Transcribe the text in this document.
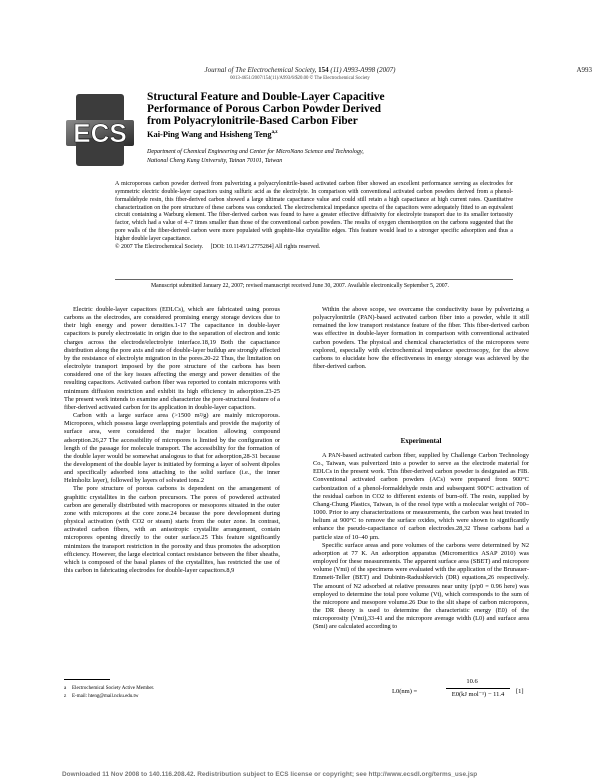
Journal of The Electrochemical Society, 154 (11) A993-A998 (2007)	A993
0013-4651/2007/154(11)/A993/6/$20.00 © The Electrochemical Society
ECS
Structural Feature and Double-Layer Capacitive
Performance of Porous Carbon Powder Derived
from Polyacrylonitrile-Based Carbon Fiber
Kai-Ping Wang and Hsisheng Teng$^{a,z}$
Department of Chemical Engineering and Center for MicroNano Science and Technology,
National Cheng Kung University, Tainan 70101, Taiwan
A microporous carbon powder derived from pulverizing a polyacrylonitrile-based activated carbon fiber showed an excellent performance serving as electrodes for symmetric electric double-layer capacitors using sulfuric acid as the electrolyte. In comparison with conventional activated carbon powders derived from a phenol-formaldehyde resin, this fiber-derived carbon showed a large ultimate capacitance value and could still retain a high capacitance at high current rates. Quantitative characterization on the pore structure of these carbons was conducted. The electrochemical impedance spectra of the capacitors were adequately fitted to an equivalent circuit containing a Warburg element. The fiber-derived carbon was found to have a greater effective diffusivity for electrolyte transport due to its smaller tortuosity factor, which had a value of 4–7 times smaller than those of the conventional carbon powders. The results of oxygen chemisorption on the carbons suggested that the pore walls of the fiber-derived carbon were more populated with graphite-like crystallite edges. This feature would lead to a stronger specific adsorption and thus a higher double layer capacitance.
© 2007 The Electrochemical Society. [DOI: 10.1149/1.2775284] All rights reserved.
Manuscript submitted January 22, 2007; revised manuscript received June 30, 2007. Available electronically September 5, 2007.

Electric double-layer capacitors (EDLCs), which are fabricated using porous carbons as the electrodes, are considered promising energy storage devices due to their high energy and power densities.1-17 The capacitance in double-layer capacitors is purely electrostatic in origin due to the separation of electron and ionic charges across the electrode/electrolyte interface.18,19 Both the capacitance distribution along the pore axis and rate of double-layer buildup are strongly affected by the resistance of electrolyte migration in the pores.20-22 Thus, the limitation on electrolyte transport imposed by the pore structure of the carbons has been considered one of the key issues affecting the energy and power densities of the resulting capacitors. Activated carbon fiber was reported to contain micropores with minimum diffusion restriction and exhibit its high efficiency in adsorption.23-25 The present work intends to examine and characterize the pore-structural feature of a fiber-derived activated carbon for its application in double-layer capacitors.

Carbon with a large surface area (>1500 m²/g) are mainly microporous. Micropores, which possess large overlapping potentials and provide the majority of surface area, were considered the major location allowing compound adsorption.26,27 The accessibility of micropores is limited by the configuration or length of the passage for molecule transport. The accessibility for the formation of the double layer would be somewhat analogous to that for adsorption,28-31 because the development of the double layer is initiated by forming a layer of solvent dipoles and specifically adsorbed ions attaching to the solid surface (i.e., the inner Helmholtz layer), followed by layers of solvated ions.2

The pore structure of porous carbons is dependent on the arrangement of graphitic crystallites in the carbon precursors. The pores of powdered activated carbon are generally distributed with macropores or mesopores situated in the outer zone with micropores at the core zone.24 because the pore development during physical activation (with CO2 or steam) starts from the outer zone. In contrast, activated carbon fibers, with an anisotropic crystallite arrangement, contain micropores opening directly to the outer surface.25 This feature significantly minimizes the transport restriction in the porosity and thus promotes the adsorption efficiency. However, the large electrical contact resistance between the fiber sheaths, which is composed of the basal planes of the crystallites, has restricted the use of this carbon in fabricating electrodes for double-layer capacitors.8,9

Within the above scope, we overcame the conductivity issue by pulverizing a polyacrylonitrile (PAN)-based activated carbon fiber into a powder, while it still remained the low transport resistance feature of the fiber. This fiber-derived carbon was effective in double-layer formation in comparison with conventional activated carbon powders. The physical and chemical characteristics of the micropores were explored, especially with electrochemical impedance spectroscopy, for the above carbons to elucidate how the effectiveness in energy storage was achieved by the fiber-derived carbon.

Experimental

A PAN-based activated carbon fiber, supplied by Challenge Carbon Technology Co., Taiwan, was pulverized into a powder to serve as the electrode material for EDLCs in the present work. This fiber-derived carbon powder is designated as FIB. Conventional activated carbon powders (ACs) were prepared from 900°C carbonization of a phenol-formaldehyde resin and subsequent 900°C activation of the residual carbon in CO2 to different extents of burn-off. The resin, supplied by Chang-Chung Plastics, Taiwan, is of the resol type with a molecular weight of 700–1000. Prior to any characterizations or measurements, the carbon was heat treated in helium at 900°C to remove the surface oxides, which were shown to significantly enhance the pseudo-capacitance of carbon electrodes.28,32 These carbons had a particle size of 10–40 µm.

Specific surface areas and pore volumes of the carbons were determined by N2 adsorption at 77 K. An adsorption apparatus (Micromeritics ASAP 2010) was employed for these measurements. The apparent surface area (SBET) and micropore volume (Vmi) of the specimens were evaluated with the application of the Brunauer-Emmett-Teller (BET) and Dubinin-Radushkevich (DR) equations,26 respectively. The amount of N2 adsorbed at relative pressures near unity (p/p0 = 0.96 here) was employed to determine the total pore volume (Vt), which corresponds to the sum of the micropore and mesopore volume.26 Due to the slit shape of carbon micropores, the DR theory is used to determine the characteristic energy (E0) of the microporosity (Vmi),33-41 and the micropore average width (L0) and surface area (Smi) are calculated according to

L0(nm) =
10.6
E0(kJ mol⁻¹) − 11.4	[1]
a Electrochemical Society Active Member.
z E-mail: hteng@mail.ncku.edu.tw
Downloaded 11 Nov 2008 to 140.116.208.42. Redistribution subject to ECS license or copyright; see http://www.ecsdl.org/terms_use.jsp
